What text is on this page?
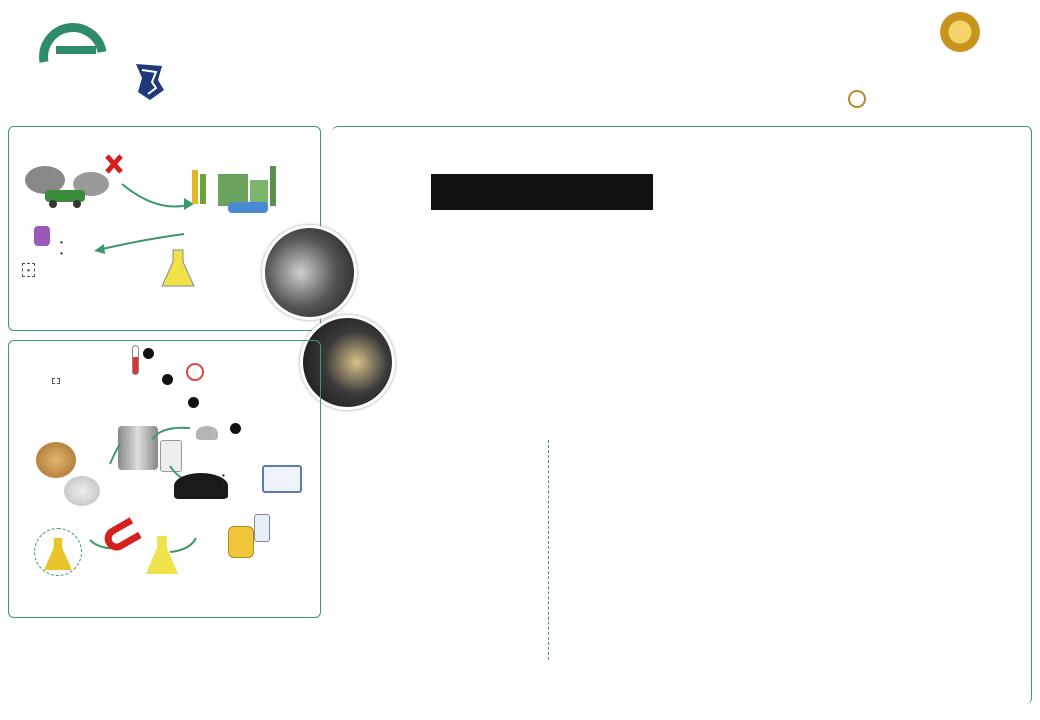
•
•
•

•
•
